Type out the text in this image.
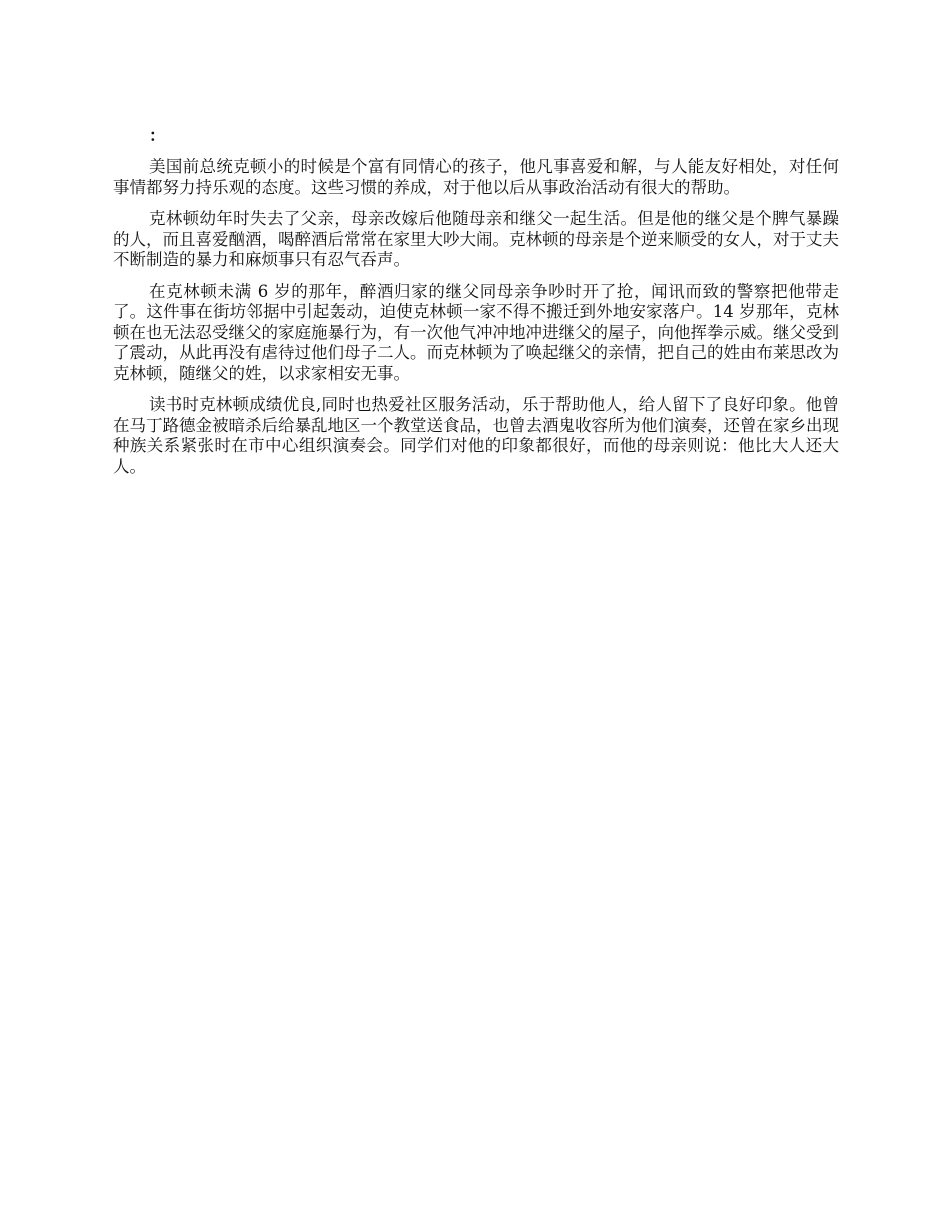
：

美国前总统克顿小的时候是个富有同情心的孩子，他凡事喜爱和解，与人能友好相处，对任何事情都努力持乐观的态度。这些习惯的养成，对于他以后从事政治活动有很大的帮助。

克林顿幼年时失去了父亲，母亲改嫁后他随母亲和继父一起生活。但是他的继父是个脾气暴躁的人，而且喜爱酗酒，喝醉酒后常常在家里大吵大闹。克林顿的母亲是个逆来顺受的女人，对于丈夫不断制造的暴力和麻烦事只有忍气吞声。

在克林顿未满 6 岁的那年，醉酒归家的继父同母亲争吵时开了抢，闻讯而致的警察把他带走了。这件事在街坊邻据中引起轰动，迫使克林顿一家不得不搬迁到外地安家落户。14 岁那年，克林顿在也无法忍受继父的家庭施暴行为，有一次他气冲冲地冲进继父的屋子，向他挥拳示威。继父受到了震动，从此再没有虐待过他们母子二人。而克林顿为了唤起继父的亲情，把自己的姓由布莱思改为克林顿，随继父的姓，以求家相安无事。

读书时克林顿成绩优良,同时也热爱社区服务活动，乐于帮助他人，给人留下了良好印象。他曾在马丁路德金被暗杀后给暴乱地区一个教堂送食品，也曾去酒鬼收容所为他们演奏，还曾在家乡出现种族关系紧张时在市中心组织演奏会。同学们对他的印象都很好，而他的母亲则说：他比大人还大人。
